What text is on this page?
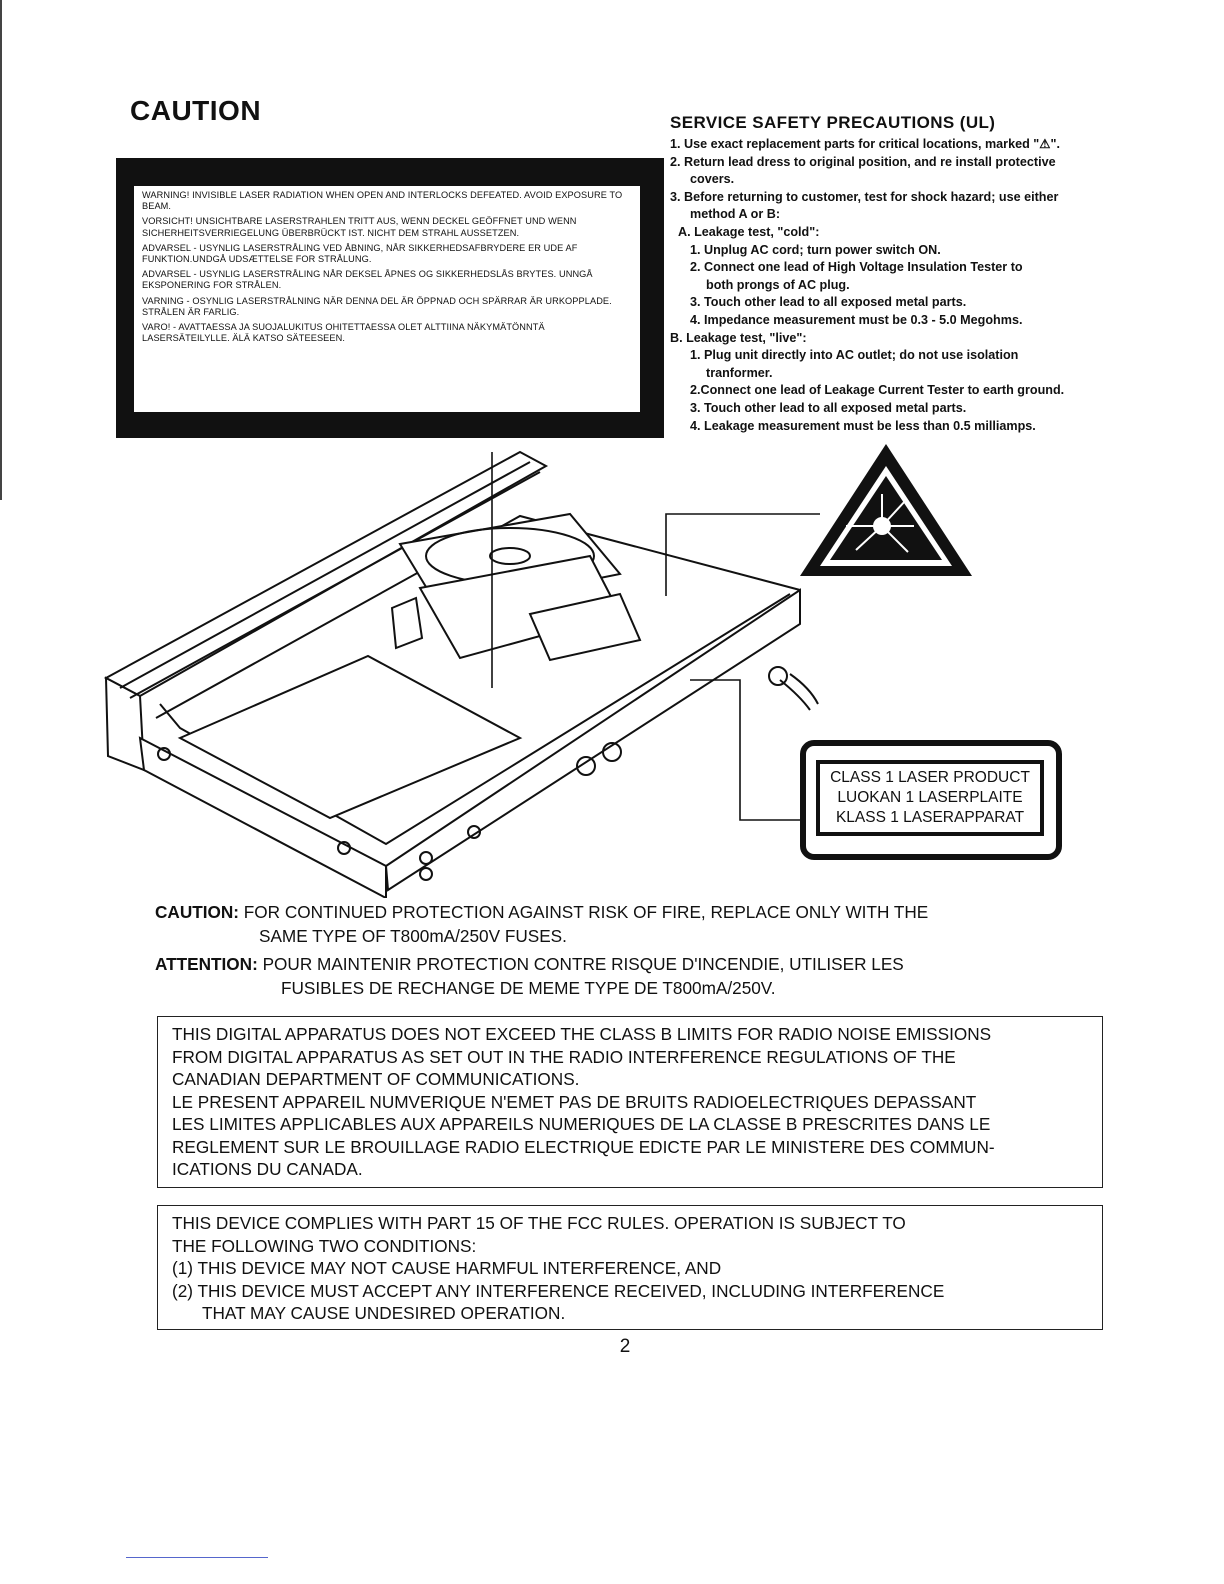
CAUTION

WARNING! INVISIBLE LASER RADIATION WHEN OPEN AND INTERLOCKS DEFEATED. AVOID EXPOSURE TO BEAM.

VORSICHT! UNSICHTBARE LASERSTRAHLEN TRITT AUS, WENN DECKEL GEÖFFNET UND WENN SICHERHEITSVERRIEGELUNG ÜBERBRÜCKT IST. NICHT DEM STRAHL AUSSETZEN.

ADVARSEL - USYNLIG LASERSTRÅLING VED ÅBNING, NÅR SIKKERHEDSAFBRYDERE ER UDE AF FUNKTION.UNDGÅ UDSÆTTELSE FOR STRÅLUNG.

ADVARSEL - USYNLIG LASERSTRÅLING NÅR DEKSEL ÅPNES OG SIKKERHEDSLÅS BRYTES. UNNGÅ EKSPONERING FOR STRÅLEN.

VARNING - OSYNLIG LASERSTRÅLNING NÄR DENNA DEL ÄR ÖPPNAD OCH SPÄRRAR ÄR URKOPPLADE. STRÅLEN ÄR FARLIG.

VARO! - AVATTAESSA JA SUOJALUKITUS OHITETTAESSA OLET ALTTIINA NÄKYMÄTÖNNTÄ LASERSÄTEILYLLE. ÄLÄ KATSO SÄTEESEEN.

SERVICE SAFETY PRECAUTIONS (UL)
1. Use exact replacement parts for critical locations, marked "⚠".
2. Return lead dress to original position, and re install protective
covers.
3. Before returning to customer, test for shock hazard; use either
method A or B:
A. Leakage test, "cold":
1. Unplug AC cord; turn power switch ON.
2. Connect one lead of High Voltage Insulation Tester to
both prongs of AC plug.
3. Touch other lead to all exposed metal parts.
4. Impedance measurement must be 0.3 - 5.0 Megohms.
B. Leakage test, "live":
1. Plug unit directly into AC outlet; do not use isolation
tranformer.
2.Connect one lead of Leakage Current Tester to earth ground.
3. Touch other lead to all exposed metal parts.
4. Leakage measurement must be less than 0.5 milliamps.
CLASS 1 LASER PRODUCT
LUOKAN 1 LASERPLAITE
KLASS 1 LASERAPPARAT
CAUTION: FOR CONTINUED PROTECTION AGAINST RISK OF FIRE, REPLACE ONLY WITH THE
SAME TYPE OF T800mA/250V FUSES.
ATTENTION: POUR MAINTENIR PROTECTION CONTRE RISQUE D'INCENDIE, UTILISER LES
FUSIBLES DE RECHANGE DE MEME TYPE DE T800mA/250V.
THIS DIGITAL APPARATUS DOES NOT EXCEED THE CLASS B LIMITS FOR RADIO NOISE EMISSIONS
FROM DIGITAL APPARATUS AS SET OUT IN THE RADIO INTERFERENCE REGULATIONS OF THE
CANADIAN DEPARTMENT OF COMMUNICATIONS.
LE PRESENT APPAREIL NUMVERIQUE N'EMET PAS DE BRUITS RADIOELECTRIQUES DEPASSANT
LES LIMITES APPLICABLES AUX APPAREILS NUMERIQUES DE LA CLASSE B PRESCRITES DANS LE
REGLEMENT SUR LE BROUILLAGE RADIO ELECTRIQUE EDICTE PAR LE MINISTERE DES COMMUN-
ICATIONS DU CANADA.
THIS DEVICE COMPLIES WITH PART 15 OF THE FCC RULES. OPERATION IS SUBJECT TO
THE FOLLOWING TWO CONDITIONS:
(1) THIS DEVICE MAY NOT CAUSE HARMFUL INTERFERENCE, AND
(2) THIS DEVICE MUST ACCEPT ANY INTERFERENCE RECEIVED, INCLUDING INTERFERENCE
THAT MAY CAUSE UNDESIRED OPERATION.
2
